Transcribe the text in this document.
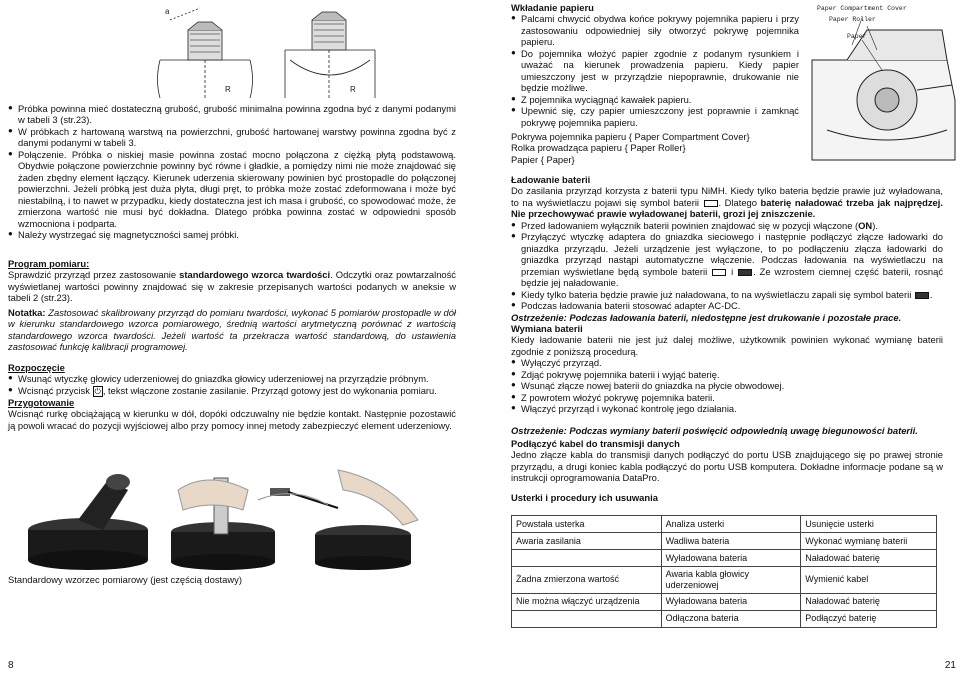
a
R	R
● Próbka powinna mieć dostateczną grubość, grubość minimalna powinna zgodna być z danymi podanymi w tabeli 3 (str.23).
● W próbkach z hartowaną warstwą na powierzchni, grubość hartowanej warstwy powinna zgodna być z danymi podanymi w tabeli 3.
● Połączenie. Próbka o niskiej masie powinna zostać mocno połączona z ciężką płytą podstawową. Obydwie połączone powierzchnie powinny być równe i gładkie, a pomiędzy nimi nie może znajdować się żaden zbędny element łączący. Kierunek uderzenia skierowany powinien być prostopadle do połączonej powierzchni. Jeżeli próbką jest duża płyta, długi pręt, to próbka może zostać zdeformowana i może być niestabilną, i to nawet w przypadku, kiedy dostateczna jest ich masa i grubość, co spowodować może, że zmierzona wartość nie musi być dokładna. Dlatego próbka powinna zostać w odpowiedni sposób wzmocniona i podparta.
● Należy wystrzegać się magnetyczności samej próbki.
Program pomiaru:
Sprawdzić przyrząd przez zastosowanie standardowego wzorca twardości. Odczytki oraz powtarzalność wyświetlanej wartości powinny znajdować się w zakresie przepisanych wartości podanych w aneksie w tabeli 2 (str.23).
Notatka: Zastosować skalibrowany przyrząd do pomiaru twardości, wykonać 5 pomiarów prostopadle w dół w kierunku standardowego wzorca pomiarowego, średnią wartości arytmetyczną porównać z wartością standardowego wzorca twardości. Jeżeli wartość ta przekracza wartość standardową, do ustawienia zastosować funkcję kalibracji programowej.
Rozpoczęcie
● Wsunąć wtyczkę głowicy uderzeniowej do gniazdka głowicy uderzeniowej na przyrządzie próbnym.
● Wcisnąć przycisk ⏻ , tekst włączone zostanie zasilanie. Przyrząd gotowy jest do wykonania pomiaru.
Przygotowanie
Wcisnąć rurkę obciążającą w kierunku w dół, dopóki odczuwalny nie będzie kontakt. Następnie pozostawić ją powoli wracać do pozycji wyjściowej albo przy pomocy innej metody zabezpieczyć element uderzeniowy.
Standardowy wzorzec pomiarowy (jest częścią dostawy)
8
Wkładanie papieru
● Palcami chwycić obydwa końce pokrywy pojemnika papieru i przy zastosowaniu odpowiedniej siły otworzyć pokrywę pojemnika papieru.
● Do pojemnika włożyć papier zgodnie z podanym rysunkiem i uważać na kierunek prowadzenia papieru. Kiedy papier umieszczony jest w przyrządzie niepoprawnie, drukowanie nie będzie możliwe.
● Z pojemnika wyciągnąć kawałek papieru.
● Upewnić się, czy papier umieszczony jest poprawnie i zamknąć pokrywę pojemnika papieru.
Paper Compartment Cover
Paper Roller
Paper
Pokrywa pojemnika papieru { Paper Compartment Cover}
Rolka prowadząca papieru { Paper Roller}
Papier { Paper}
Ładowanie baterii
Do zasilania przyrząd korzysta z baterii typu NiMH. Kiedy tylko bateria będzie prawie już wyładowana, to na wyświetlaczu pojawi się symbol baterii . Dlatego baterię naładować trzeba jak najprędzej. Nie przechowywać prawie wyładowanej baterii, grozi jej zniszczenie.
● Przed ładowaniem wyłącznik baterii powinien znajdować się w pozycji włączone (ON).
● Przyłączyć wtyczkę adaptera do gniazdka sieciowego i następnie podłączyć złącze ładowarki do gniazdka przyrządu. Jeżeli urządzenie jest wyłączone, to po podłączeniu złącza ładowarki do gniazdka przyrząd nastąpi automatyczne włączenie. Podczas ładowania na wyświetlaczu na przemian wyświetlane będą symbole baterii  i . Ze wzrostem ciemnej część baterii, rosnąć będzie jej naładowanie.
● Kiedy tylko bateria będzie prawie już naładowana, to na wyświetlaczu zapali się symbol baterii .
● Podczas ładowania baterii stosować adapter AC-DC.
Ostrzeżenie: Podczas ładowania baterii, niedostępne jest drukowanie i pozostałe prace.
Wymiana baterii
Kiedy ładowanie baterii nie jest już dalej możliwe, użytkownik powinien wykonać wymianę baterii zgodnie z poniższą procedurą.
● Wyłączyć przyrząd.
● Zdjąć pokrywę pojemnika baterii i wyjąć baterię.
● Wsunąć złącze nowej baterii do gniazdka na płycie obwodowej.
● Z powrotem włożyć pokrywę pojemnika baterii.
● Włączyć przyrząd i wykonać kontrolę jego działania.
Ostrzeżenie: Podczas wymiany baterii poświęcić odpowiednią uwagę biegunowości baterii.
Podłączyć kabel do transmisji danych
Jedno złącze kabla do transmisji danych podłączyć do portu USB znajdującego się po prawej stronie przyrządu, a drugi koniec kabla podłączyć do portu USB komputera. Dokładne informacje podane są w instrukcji oprogramowania DataPro.
Usterki i procedury ich usuwania
Powstała usterka	Analiza usterki	Usunięcie usterki
Awaria zasilania	Wadliwa bateria	Wykonać wymianę baterii
	Wyładowana bateria	Naładować baterię
Żadna zmierzona wartość	Awaria kabla głowicy uderzeniowej	Wymienić kabel
Nie można włączyć urządzenia	Wyładowana bateria	Naładować baterię
	Odłączona bateria	Podłączyć baterię
21
